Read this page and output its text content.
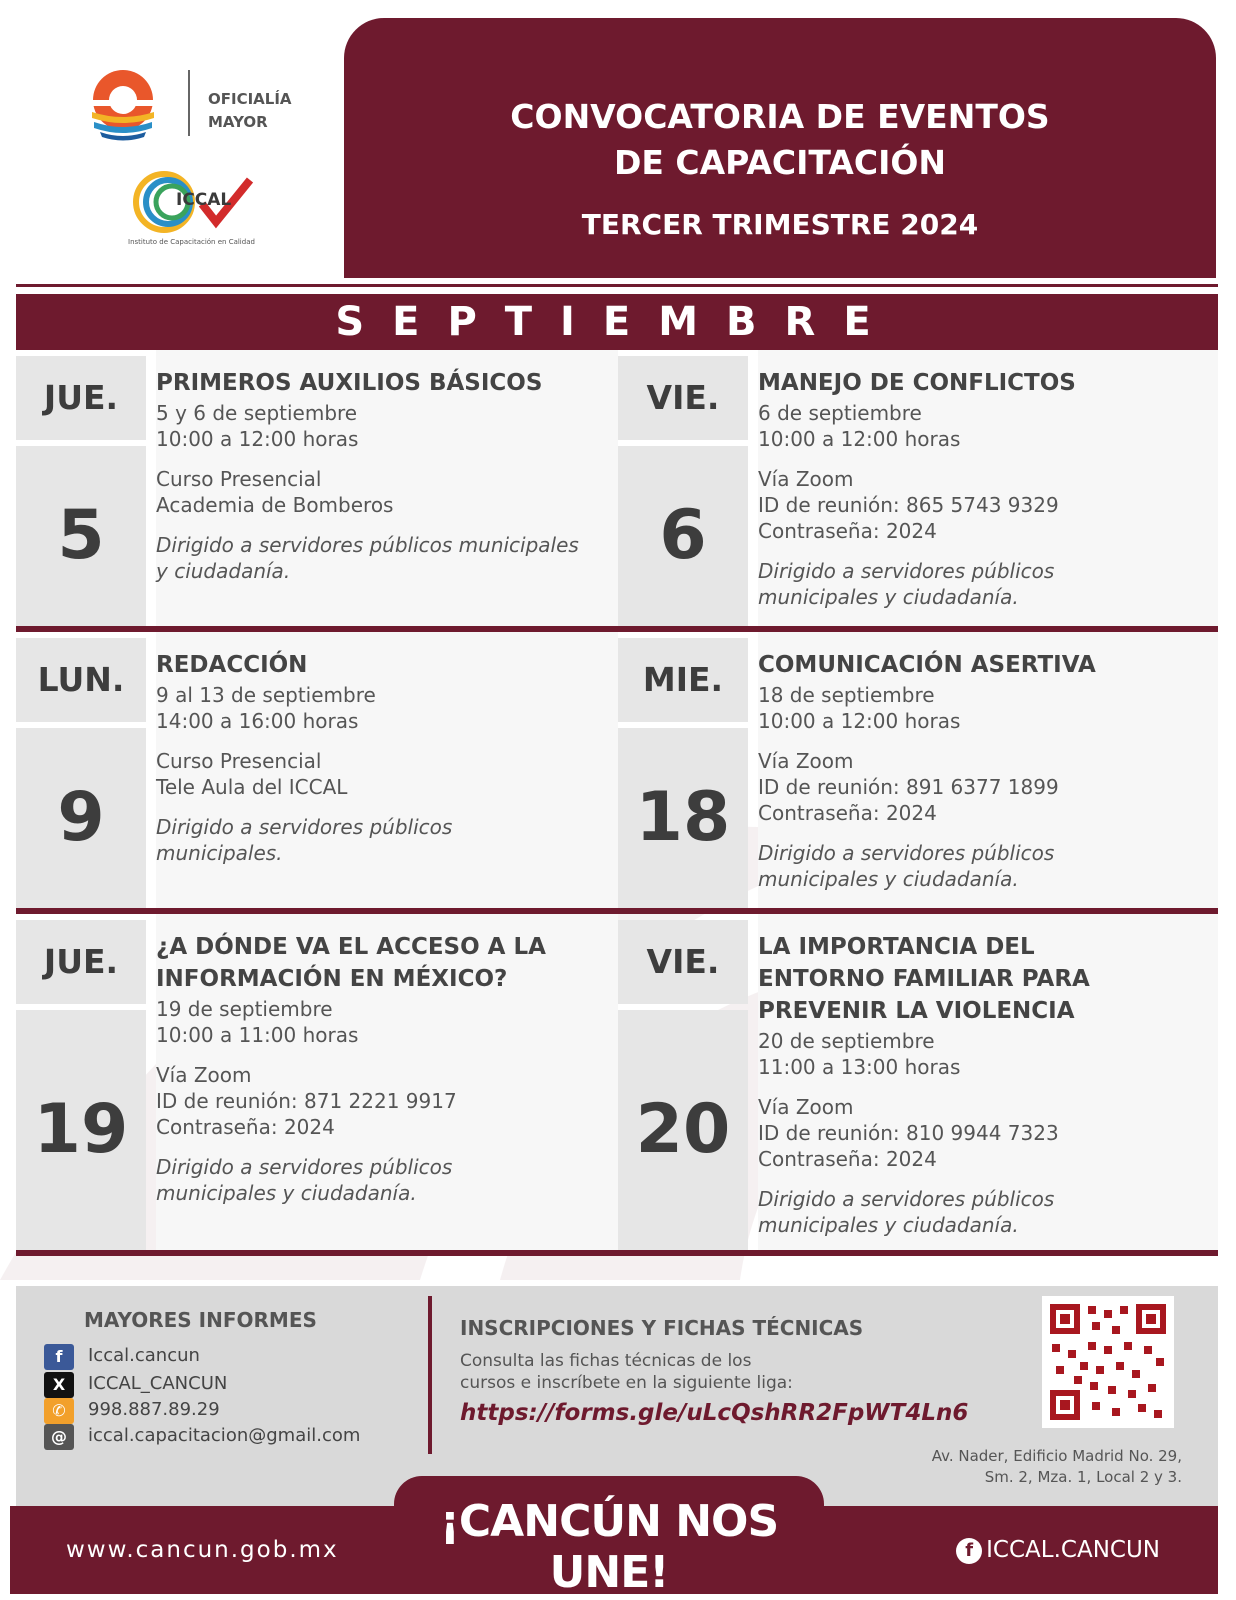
OFICIALÍA
MAYOR
ICCAL
Instituto de Capacitación en Calidad
CONVOCATORIA DE EVENTOS
DE CAPACITACIÓN
TERCER TRIMESTRE 2024
SEPTIEMBRE
JUE.
5
PRIMEROS AUXILIOS BÁSICOS
5 y 6 de septiembre
10:00 a 12:00 horas
Curso Presencial
Academia de Bomberos
Dirigido a servidores públicos municipales
y ciudadanía.
VIE.
6
MANEJO DE CONFLICTOS
6 de septiembre
10:00 a 12:00 horas
Vía Zoom
ID de reunión: 865 5743 9329
Contraseña: 2024
Dirigido a servidores públicos
municipales y ciudadanía.
LUN.
9
REDACCIÓN
9 al 13 de septiembre
14:00 a 16:00 horas
Curso Presencial
Tele Aula del ICCAL
Dirigido a servidores públicos
municipales.
MIE.
18
COMUNICACIÓN ASERTIVA
18 de septiembre
10:00 a 12:00 horas
Vía Zoom
ID de reunión: 891 6377 1899
Contraseña: 2024
Dirigido a servidores públicos
municipales y ciudadanía.
JUE.
19
¿A DÓNDE VA EL ACCESO A LA
INFORMACIÓN EN MÉXICO?
19 de septiembre
10:00 a 11:00 horas
Vía Zoom
ID de reunión: 871 2221 9917
Contraseña: 2024
Dirigido a servidores públicos
municipales y ciudadanía.
VIE.
20
LA IMPORTANCIA DEL
ENTORNO FAMILIAR PARA
PREVENIR LA VIOLENCIA
20 de septiembre
11:00 a 13:00 horas
Vía Zoom
ID de reunión: 810 9944 7323
Contraseña: 2024
Dirigido a servidores públicos
municipales y ciudadanía.
MAYORES INFORMES
f	Iccal.cancun
X	ICCAL_CANCUN
✆	998.887.89.29
@	iccal.capacitacion@gmail.com
INSCRIPCIONES Y FICHAS TÉCNICAS
Consulta las fichas técnicas de los
cursos e inscríbete en la siguiente liga:
https://forms.gle/uLcQshRR2FpWT4Ln6
Av. Nader, Edificio Madrid No. 29,
Sm. 2, Mza. 1, Local 2 y 3.
www.cancun.gob.mx
¡CANCÚN NOS UNE!	f ICCAL.CANCUN
